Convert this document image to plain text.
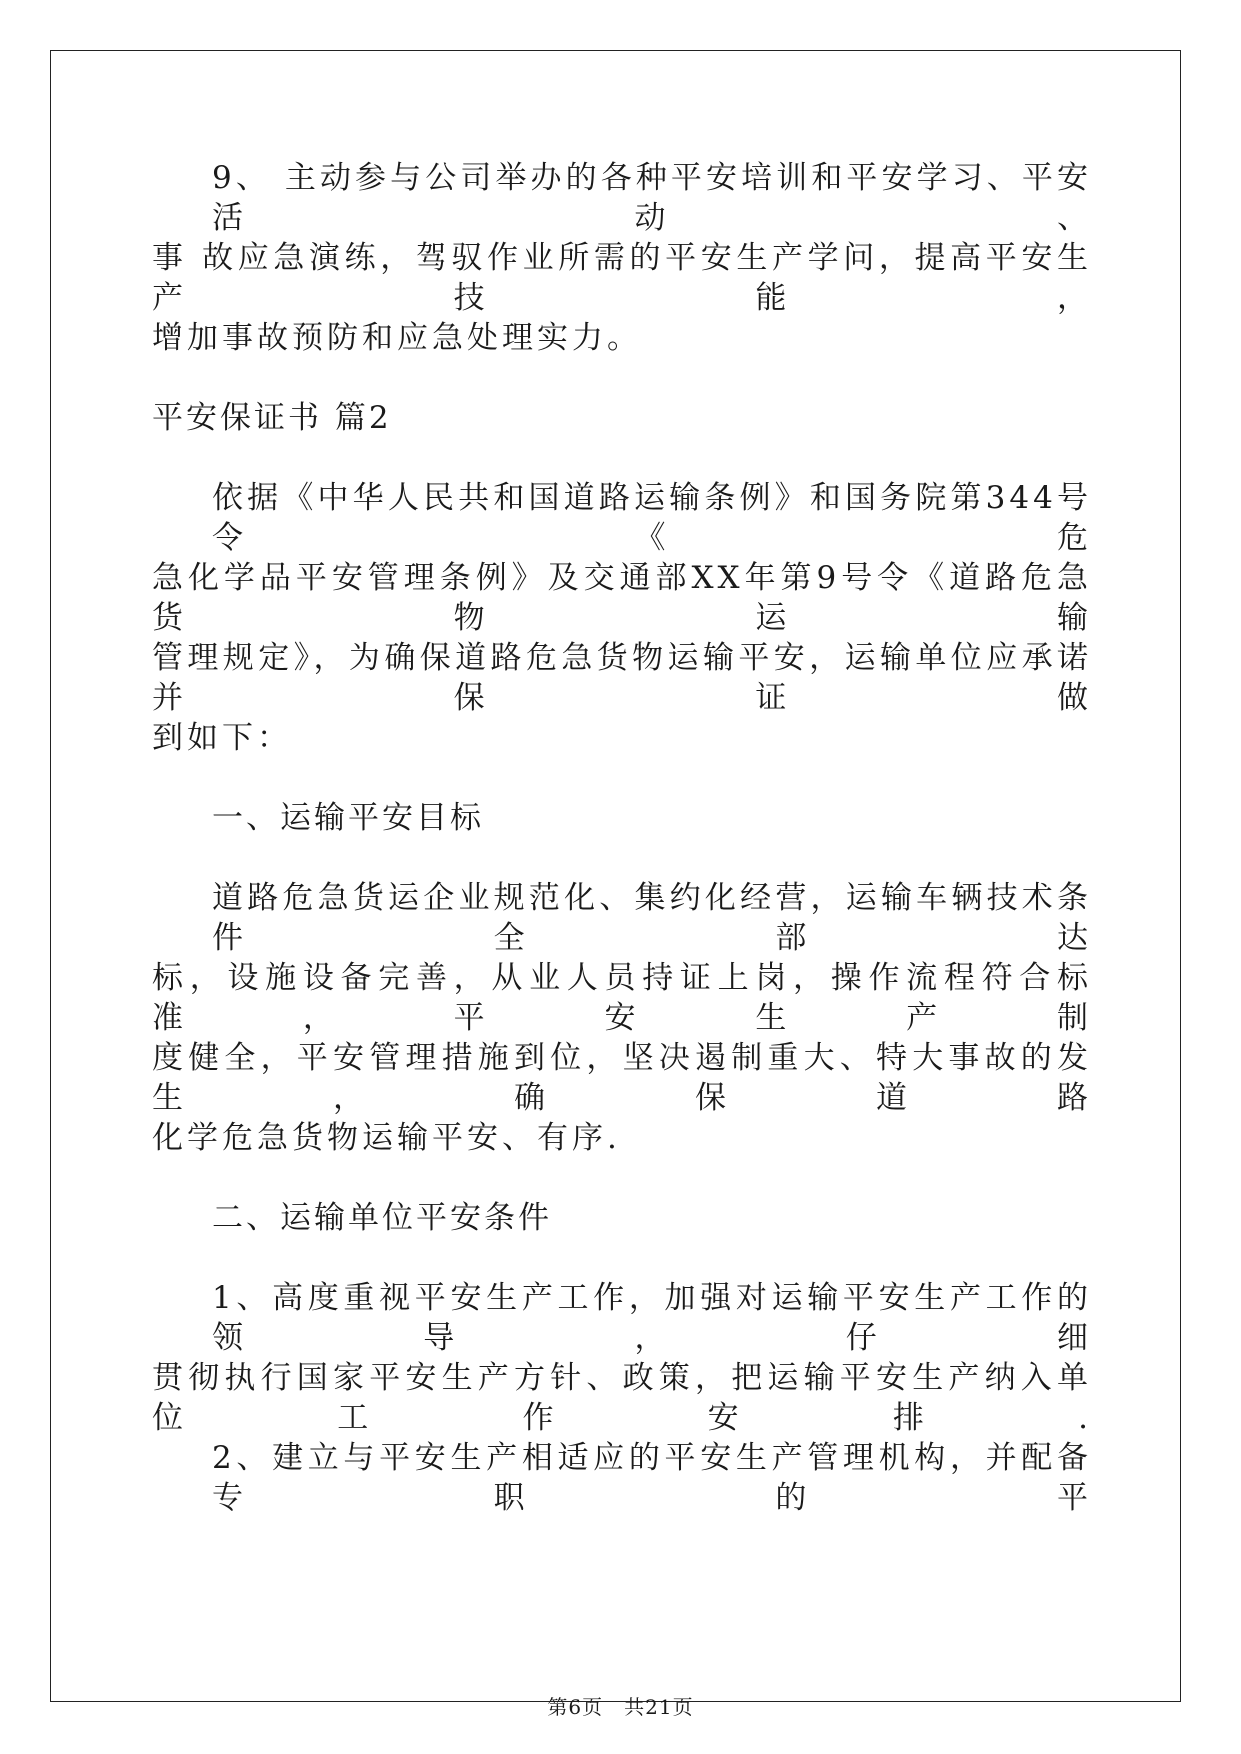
9、 主动参与公司举办的各种平安培训和平安学习、平安活动、
事 故应急演练，驾驭作业所需的平安生产学问，提高平安生产技能，
增加事故预防和应急处理实力。
平安保证书 篇2
依据《中华人民共和国道路运输条例》和国务院第344号令《危
急化学品平安管理条例》及交通部XX年第9号令《道路危急货物运输
管理规定》，为确保道路危急货物运输平安，运输单位应承诺并保证做
到如下：
一、运输平安目标
道路危急货运企业规范化、集约化经营，运输车辆技术条件全部达
标，设施设备完善，从业人员持证上岗，操作流程符合标准，平安生产制
度健全，平安管理措施到位，坚决遏制重大、特大事故的发生，确保道路
化学危急货物运输平安、有序.
二、运输单位平安条件
1、高度重视平安生产工作，加强对运输平安生产工作的领导，仔细
贯彻执行国家平安生产方针、政策，把运输平安生产纳入单位工作安排.
2、建立与平安生产相适应的平安生产管理机构，并配备专职的平
第6页　共21页
